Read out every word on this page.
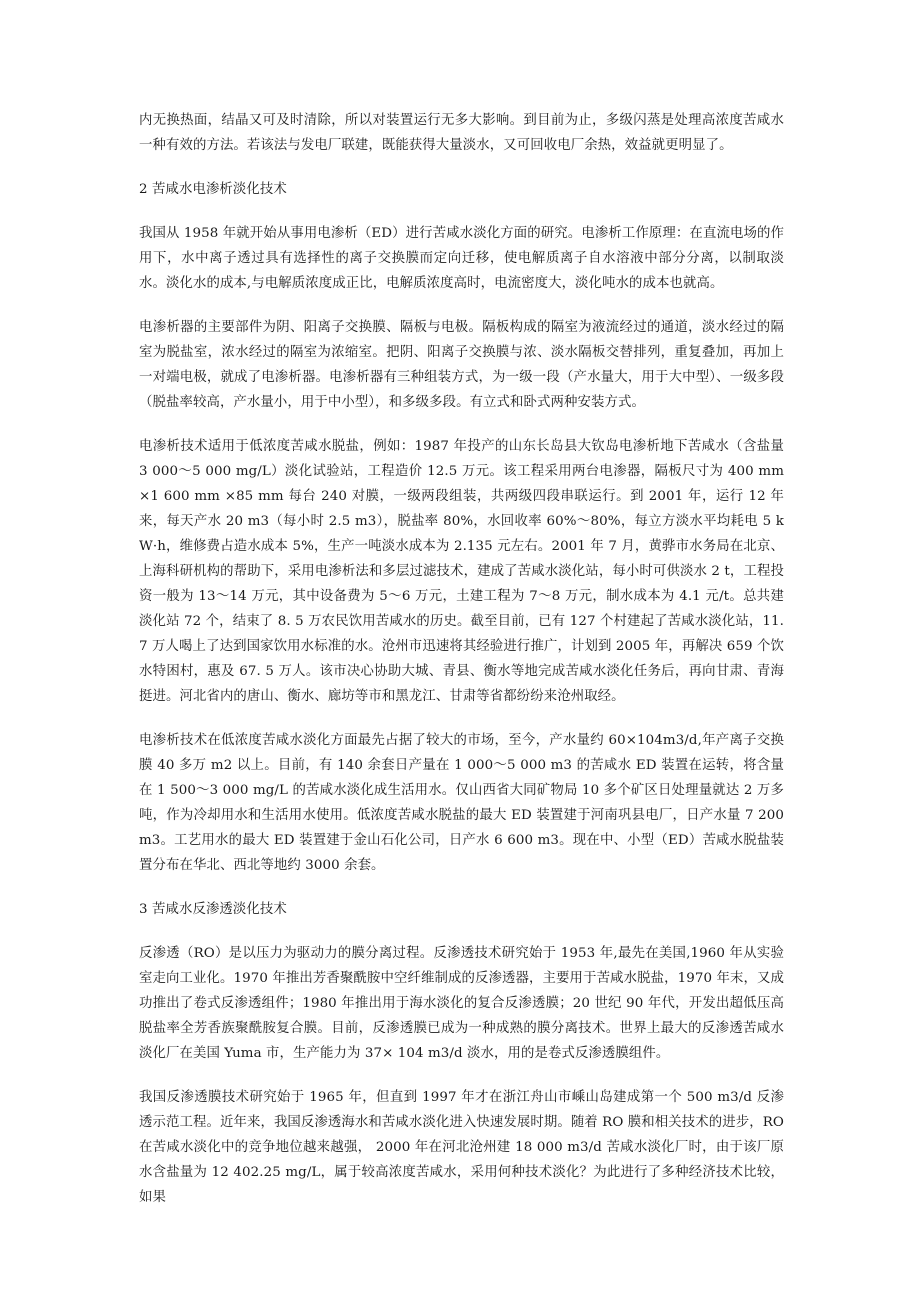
内无换热面，结晶又可及时清除，所以对装置运行无多大影响。到目前为止，多级闪蒸是处理高浓度苦咸水一种有效的方法。若该法与发电厂联建，既能获得大量淡水，又可回收电厂余热，效益就更明显了。

2 苦咸水电渗析淡化技术

我国从 1958 年就开始从事用电渗析（ED）进行苦咸水淡化方面的研究。电渗析工作原理：在直流电场的作用下，水中离子透过具有选择性的离子交换膜而定向迁移，使电解质离子自水溶液中部分分离，以制取淡水。淡化水的成本,与电解质浓度成正比，电解质浓度高时，电流密度大，淡化吨水的成本也就高。

电渗析器的主要部件为阴、阳离子交换膜、隔板与电极。隔板构成的隔室为液流经过的通道，淡水经过的隔室为脱盐室，浓水经过的隔室为浓缩室。把阴、阳离子交换膜与浓、淡水隔板交替排列，重复叠加，再加上一对端电极，就成了电渗析器。电渗析器有三种组装方式，为一级一段（产水量大，用于大中型）、一级多段（脱盐率较高，产水量小，用于中小型），和多级多段。有立式和卧式两种安装方式。

电渗析技术适用于低浓度苦咸水脱盐，例如：1987 年投产的山东长岛县大钦岛电渗析地下苦咸水（含盐量 3 000～5 000 mg/L）淡化试验站，工程造价 12.5 万元。该工程采用两台电渗器，隔板尺寸为 400 mm ×1 600 mm ×85 mm 每台 240 对膜，一级两段组装，共两级四段串联运行。到 2001 年，运行 12 年来，每天产水 20 m3（每小时 2.5 m3），脱盐率 80%，水回收率 60%～80%，每立方淡水平均耗电 5 kW·h，维修费占造水成本 5%，生产一吨淡水成本为 2.135 元左右。2001 年 7 月，黄骅市水务局在北京、上海科研机构的帮助下，采用电渗析法和多层过滤技术，建成了苦咸水淡化站，每小时可供淡水 2 t，工程投资一般为 13～14 万元，其中设备费为 5～6 万元，土建工程为 7～8 万元，制水成本为 4.1 元/t。总共建淡化站 72 个，结束了 8. 5 万农民饮用苦咸水的历史。截至目前，已有 127 个村建起了苦咸水淡化站，11.7 万人喝上了达到国家饮用水标准的水。沧州市迅速将其经验进行推广，计划到 2005 年，再解决 659 个饮水特困村，惠及 67. 5 万人。该市决心协助大城、青县、衡水等地完成苦咸水淡化任务后，再向甘肃、青海挺进。河北省内的唐山、衡水、廊坊等市和黑龙江、甘肃等省都纷纷来沧州取经。

电渗析技术在低浓度苦咸水淡化方面最先占据了较大的市场，至今，产水量约 60×104m3/d,年产离子交换膜 40 多万 m2 以上。目前，有 140 余套日产量在 1 000～5 000 m3 的苦咸水 ED 装置在运转，将含量在 1 500～3 000 mg/L 的苦咸水淡化成生活用水。仅山西省大同矿物局 10 多个矿区日处理量就达 2 万多吨，作为冷却用水和生活用水使用。低浓度苦咸水脱盐的最大 ED 装置建于河南巩县电厂，日产水量 7 200 m3。工艺用水的最大 ED 装置建于金山石化公司，日产水 6 600 m3。现在中、小型（ED）苦咸水脱盐装置分布在华北、西北等地约 3000 余套。

3 苦咸水反渗透淡化技术

反渗透（RO）是以压力为驱动力的膜分离过程。反渗透技术研究始于 1953 年,最先在美国,1960 年从实验室走向工业化。1970 年推出芳香聚酰胺中空纤维制成的反渗透器，主要用于苦咸水脱盐，1970 年末，又成功推出了卷式反渗透组件；1980 年推出用于海水淡化的复合反渗透膜；20 世纪 90 年代，开发出超低压高脱盐率全芳香族聚酰胺复合膜。目前，反渗透膜已成为一种成熟的膜分离技术。世界上最大的反渗透苦咸水淡化厂在美国 Yuma 市，生产能力为 37× 104 m3/d 淡水，用的是卷式反渗透膜组件。

我国反渗透膜技术研究始于 1965 年，但直到 1997 年才在浙江舟山市嵊山岛建成第一个 500 m3/d 反渗透示范工程。近年来，我国反渗透海水和苦咸水淡化进入快速发展时期。随着 RO 膜和相关技术的进步，RO 在苦咸水淡化中的竞争地位越来越强， 2000 年在河北沧州建 18 000 m3/d 苦咸水淡化厂时，由于该厂原水含盐量为 12 402.25 mg/L，属于较高浓度苦咸水，采用何种技术淡化？为此进行了多种经济技术比较，如果
